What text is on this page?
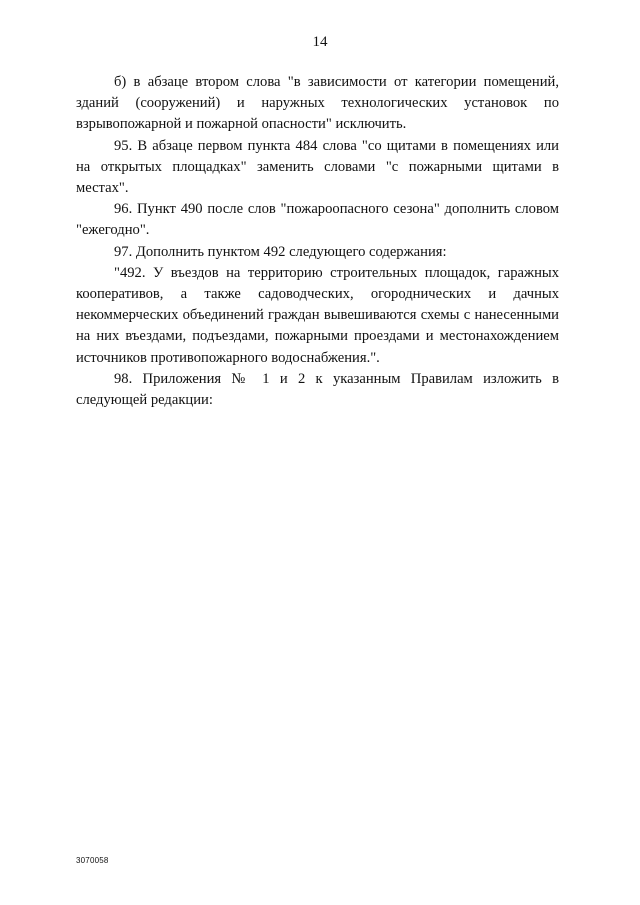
14

б) в абзаце втором слова "в зависимости от категории помещений, зданий (сооружений) и наружных технологических установок по взрывопожарной и пожарной опасности" исключить.

95. В абзаце первом пункта 484 слова "со щитами в помещениях или на открытых площадках" заменить словами "с пожарными щитами в местах".

96. Пункт 490 после слов "пожароопасного сезона" дополнить словом "ежегодно".

97. Дополнить пунктом 492 следующего содержания:

"492. У въездов на территорию строительных площадок, гаражных кооперативов, а также садоводческих, огороднических и дачных некоммерческих объединений граждан вывешиваются схемы с нанесенными на них въездами, подъездами, пожарными проездами и местонахождением источников противопожарного водоснабжения.".

98. Приложения № 1 и 2 к указанным Правилам изложить в следующей редакции:

3070058
